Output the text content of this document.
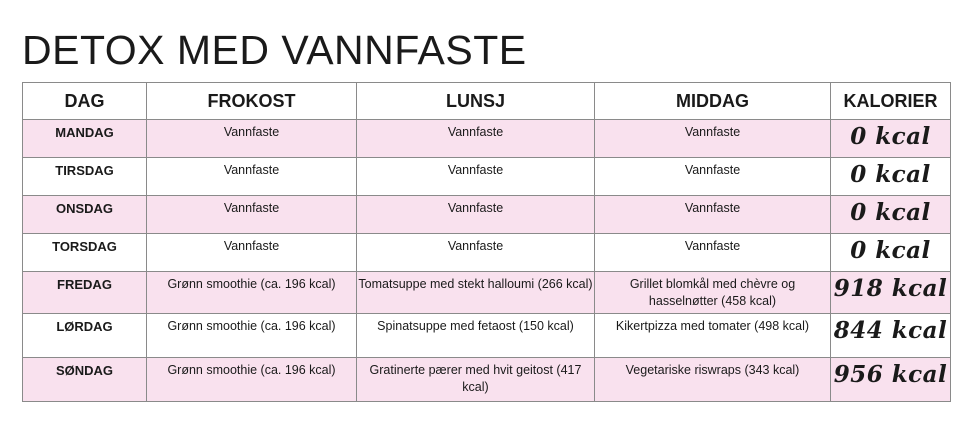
DETOX MED VANNFASTE
DAG	FROKOST	LUNSJ	MIDDAG	KALORIER
MANDAG	Vannfaste	Vannfaste	Vannfaste	0 kcal
TIRSDAG	Vannfaste	Vannfaste	Vannfaste	0 kcal
ONSDAG	Vannfaste	Vannfaste	Vannfaste	0 kcal
TORSDAG	Vannfaste	Vannfaste	Vannfaste	0 kcal
FREDAG	Grønn smoothie (ca. 196 kcal)	Tomatsuppe med stekt halloumi (266 kcal)	Grillet blomkål med chèvre og hasselnøtter (458 kcal)	918 kcal
LØRDAG	Grønn smoothie (ca. 196 kcal)	Spinatsuppe med fetaost (150 kcal)	Kikertpizza med tomater (498 kcal)	844 kcal
SØNDAG	Grønn smoothie (ca. 196 kcal)	Gratinerte pærer med hvit geitost (417 kcal)	Vegetariske riswraps (343 kcal)	956 kcal
